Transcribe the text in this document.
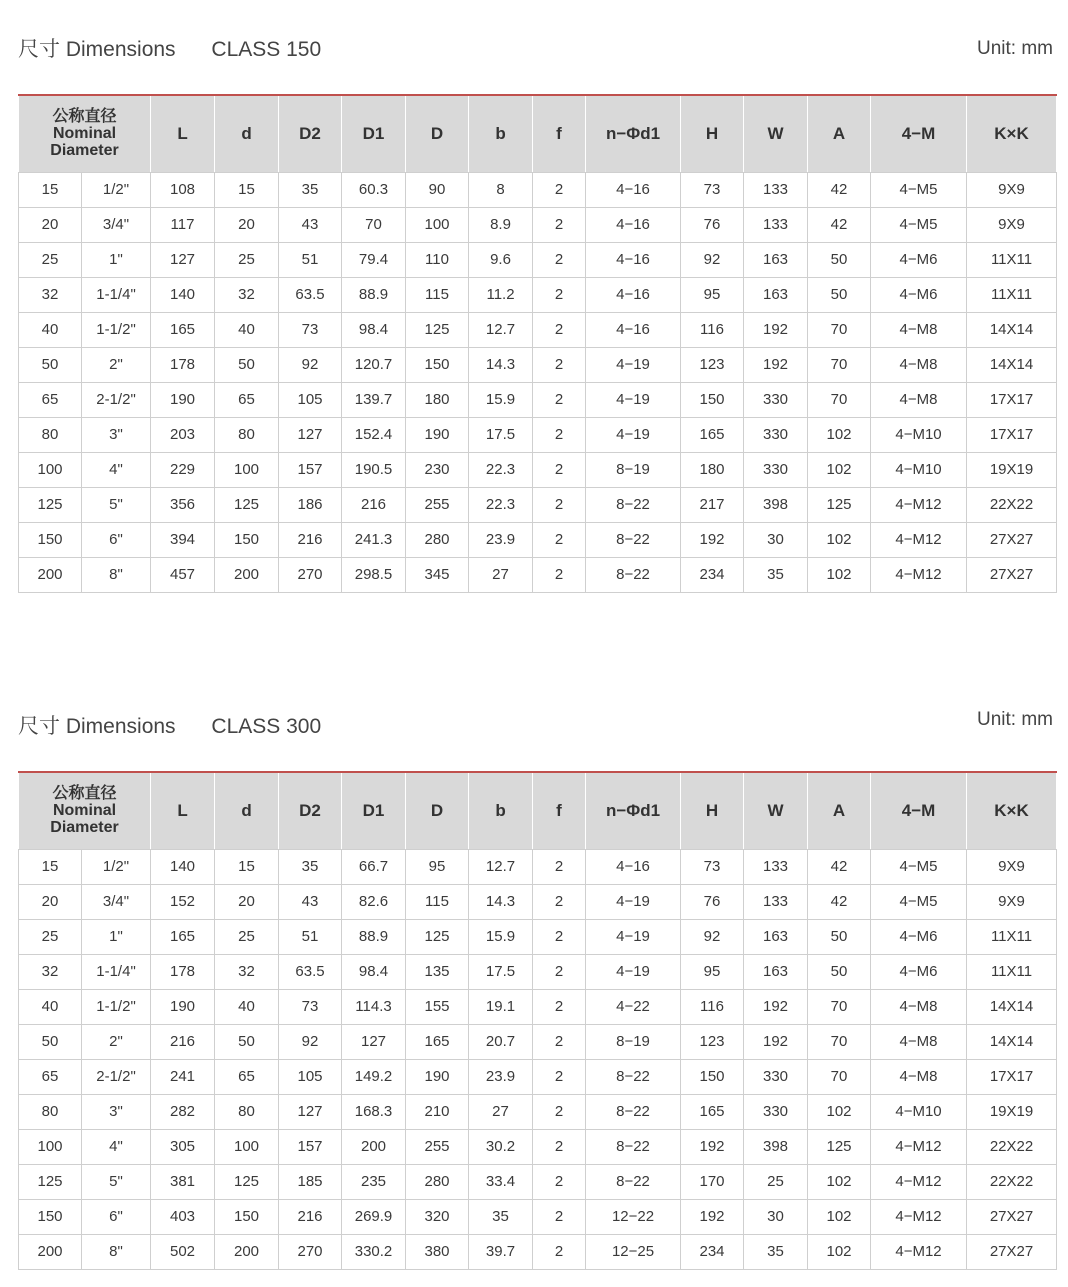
尺寸 Dimensions CLASS 150	Unit: mm
公称直径
Nominal
Diameter		L	d	D2	D1	D	b	f	n−Φd1	H	W	A	4−M	K×K
15	1/2"	108	15	35	60.3	90	8	2	4−16	73	133	42	4−M5	9X9
20	3/4"	117	20	43	70	100	8.9	2	4−16	76	133	42	4−M5	9X9
25	1"	127	25	51	79.4	110	9.6	2	4−16	92	163	50	4−M6	11X11
32	1-1/4"	140	32	63.5	88.9	115	11.2	2	4−16	95	163	50	4−M6	11X11
40	1-1/2"	165	40	73	98.4	125	12.7	2	4−16	116	192	70	4−M8	14X14
50	2"	178	50	92	120.7	150	14.3	2	4−19	123	192	70	4−M8	14X14
65	2-1/2"	190	65	105	139.7	180	15.9	2	4−19	150	330	70	4−M8	17X17
80	3"	203	80	127	152.4	190	17.5	2	4−19	165	330	102	4−M10	17X17
100	4"	229	100	157	190.5	230	22.3	2	8−19	180	330	102	4−M10	19X19
125	5"	356	125	186	216	255	22.3	2	8−22	217	398	125	4−M12	22X22
150	6"	394	150	216	241.3	280	23.9	2	8−22	192	30	102	4−M12	27X27
200	8"	457	200	270	298.5	345	27	2	8−22	234	35	102	4−M12	27X27
尺寸 Dimensions CLASS 300	Unit: mm
公称直径
Nominal
Diameter		L	d	D2	D1	D	b	f	n−Φd1	H	W	A	4−M	K×K
15	1/2"	140	15	35	66.7	95	12.7	2	4−16	73	133	42	4−M5	9X9
20	3/4"	152	20	43	82.6	115	14.3	2	4−19	76	133	42	4−M5	9X9
25	1"	165	25	51	88.9	125	15.9	2	4−19	92	163	50	4−M6	11X11
32	1-1/4"	178	32	63.5	98.4	135	17.5	2	4−19	95	163	50	4−M6	11X11
40	1-1/2"	190	40	73	114.3	155	19.1	2	4−22	116	192	70	4−M8	14X14
50	2"	216	50	92	127	165	20.7	2	8−19	123	192	70	4−M8	14X14
65	2-1/2"	241	65	105	149.2	190	23.9	2	8−22	150	330	70	4−M8	17X17
80	3"	282	80	127	168.3	210	27	2	8−22	165	330	102	4−M10	19X19
100	4"	305	100	157	200	255	30.2	2	8−22	192	398	125	4−M12	22X22
125	5"	381	125	185	235	280	33.4	2	8−22	170	25	102	4−M12	22X22
150	6"	403	150	216	269.9	320	35	2	12−22	192	30	102	4−M12	27X27
200	8"	502	200	270	330.2	380	39.7	2	12−25	234	35	102	4−M12	27X27
